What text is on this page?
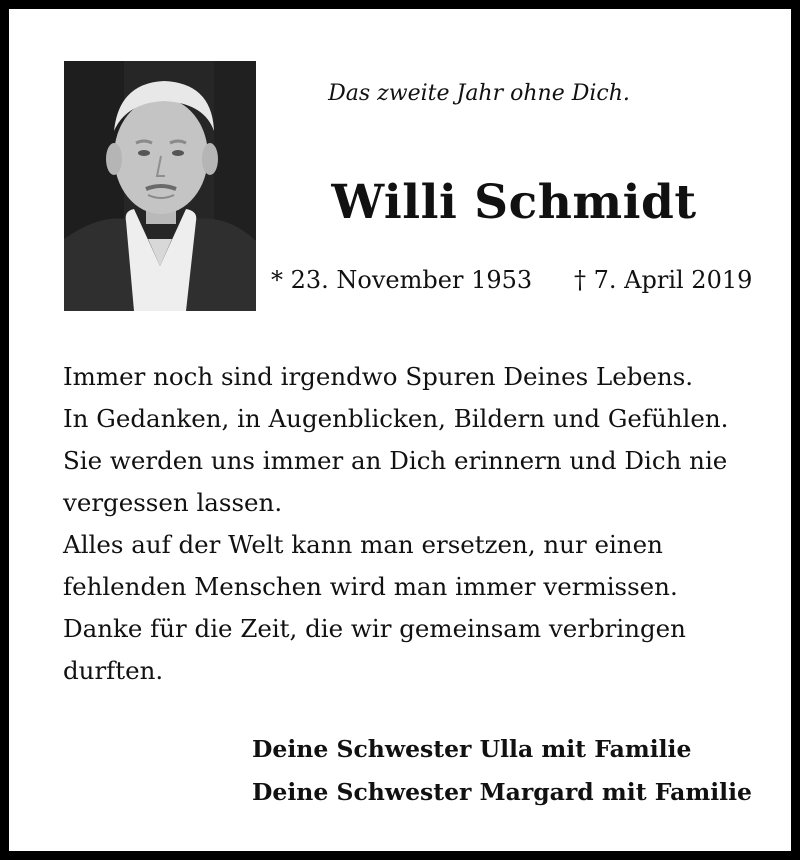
Das zweite Jahr ohne Dich.
Willi Schmidt
* 23. November 1953 † 7. April 2019
Immer noch sind irgendwo Spuren Deines Lebens.
In Gedanken, in Augenblicken, Bildern und Gefühlen.
Sie werden uns immer an Dich erinnern und Dich nie
vergessen lassen.
Alles auf der Welt kann man ersetzen, nur einen
fehlenden Menschen wird man immer vermissen.
Danke für die Zeit, die wir gemeinsam verbringen
durften.
Deine Schwester Ulla mit Familie
Deine Schwester Margard mit Familie
